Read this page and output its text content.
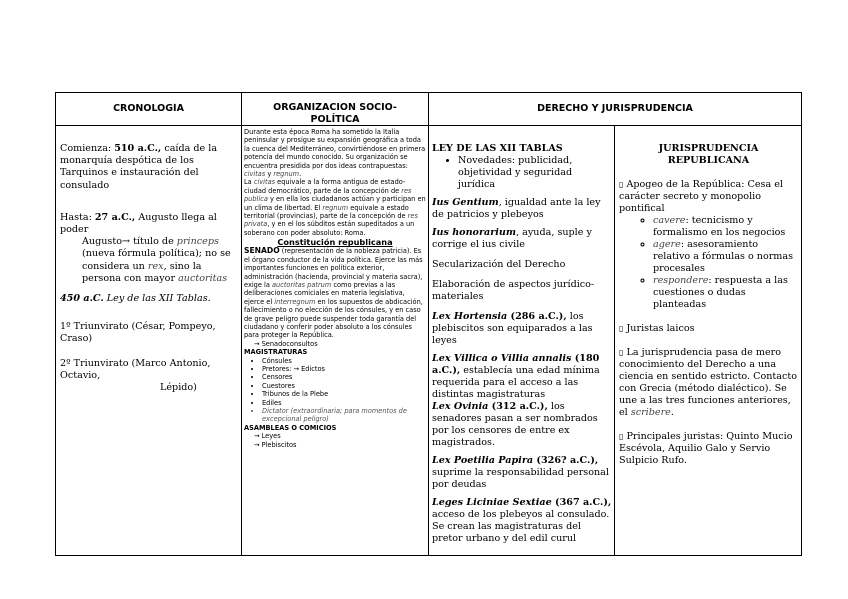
CRONOLOGÍA	ORGANIZACIÓN SOCIO-POLÍTICA
DERECHO Y JURISPRUDENCIA

Comienza: 510 a.C., caída de la monarquía despótica de los Tarquinos e instauración del consulado

Hasta: 27 a.C., Augusto llega al poder

Augusto→ título de princeps (nueva fórmula política); no se considera un rex, sino la persona con mayor auctoritas

450 a.C. Ley de las XII Tablas.

1º Triunvirato (César, Pompeyo, Craso)

2º Triunvirato (Marco Antonio, Octavio,

Lépido)

Durante esta época Roma ha sometido la Italia peninsular y prosigue su expansión geográfica a toda la cuenca del Mediterráneo, convirtiéndose en primera potencia del mundo conocido. Su organización se encuentra presidida por dos ideas contrapuestas: civitas y regnum.

La civitas equivale a la forma antigua de estado-ciudad democrático, parte de la concepción de res publica y en ella los ciudadanos actúan y participan en un clima de libertad. El regnum equivale a estado territorial (provincias), parte de la concepción de res privata, y en el los súbditos están supeditados a un soberano con poder absoluto: Roma.

Constitución republicana

SENADO (representación de la nobleza patricia). Es el órgano conductor de la vida política. Ejerce las más importantes funciones en política exterior, administración (hacienda, provincial y materia sacra), exige la auctoritas patrum como previas a las deliberaciones comiciales en materia legislativa, ejerce el interregnum en los supuestos de abdicación, fallecimiento o no elección de los cónsules, y en caso de grave peligro puede suspender toda garantía del ciudadano y conferir poder absoluto a los cónsules para proteger la República.

→ Senadoconsultos

MAGISTRATURAS

• Cónsules
• Pretores: → Edictos
• Censores
• Cuestores
• Tribunos de la Plebe
• Ediles
• Dictator (extraordinaria; para momentos de excepcional peligro)

ASAMBLEAS O COMICIOS

→ Leyes

→ Plebiscitos

LEY DE LAS XII TABLAS

• Novedades: publicidad, objetividad y seguridad jurídica

Ius Gentium, igualdad ante la ley de patricios y plebeyos

Ius honorarium, ayuda, suple y corrige el ius civile

Secularización del Derecho

Elaboración de aspectos jurídico-materiales

Lex Hortensia (286 a.C.), los plebiscitos son equiparados a las leyes

Lex Villica o Villia annalis (180 a.C.), establecía una edad mínima requerida para el acceso a las distintas magistraturas

Lex Ovinia (312 a.C.), los senadores pasan a ser nombrados por los censores de entre ex magistrados.

Lex Poetilia Papira (326? a.C.), suprime la responsabilidad personal por deudas

Leges Liciniae Sextiae (367 a.C.), acceso de los plebeyos al consulado. Se crean las magistraturas del pretor urbano y del edil curul

JURISPRUDENCIA REPUBLICANA

▯ Apogeo de la República: Cesa el carácter secreto y monopolio pontifical

◦ cavere: tecnicismo y formalismo en los negocios
◦ agere: asesoramiento relativo a fórmulas o normas procesales
◦ respondere: respuesta a las cuestiones o dudas planteadas

▯ Juristas laicos

▯ La jurisprudencia pasa de mero conocimiento del Derecho a una ciencia en sentido estricto. Contacto con Grecia (método dialéctico). Se une a las tres funciones anteriores, el scribere.

▯ Principales juristas: Quinto Mucio Escévola, Aquilio Galo y Servio Sulpicio Rufo.
